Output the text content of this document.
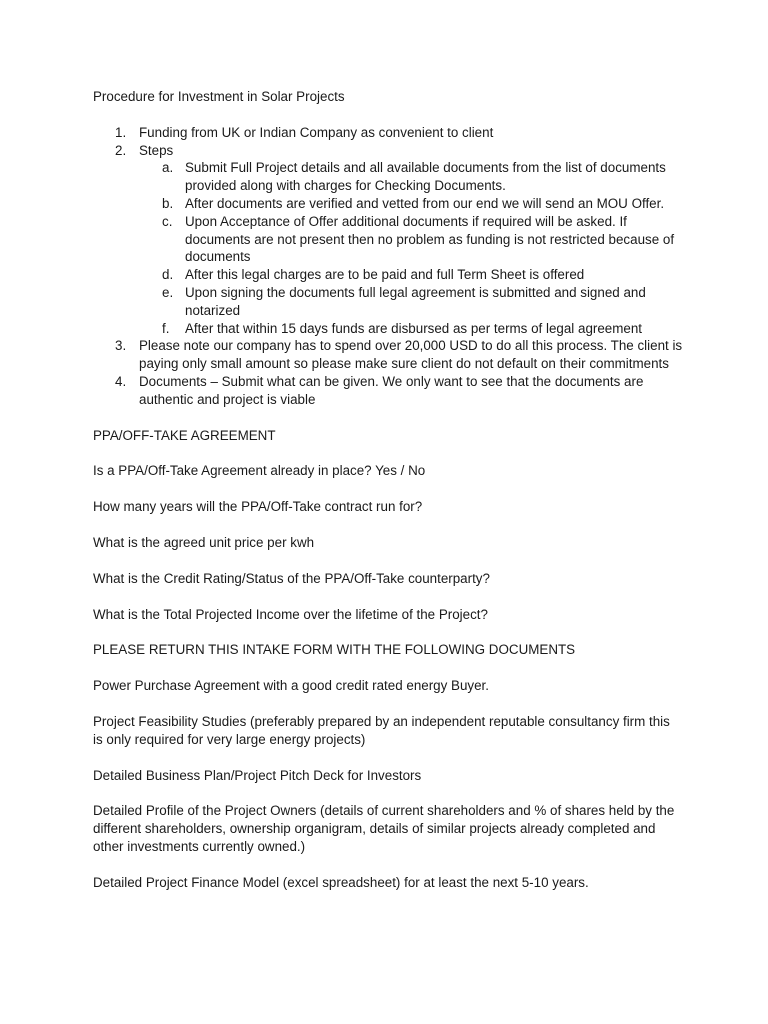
Procedure for Investment in Solar Projects

1. Funding from UK or Indian Company as convenient to client
2. Steps
a. Submit Full Project details and all available documents from the list of documents provided along with charges for Checking Documents.
b. After documents are verified and vetted from our end we will send an MOU Offer.
c. Upon Acceptance of Offer additional documents if required will be asked. If documents are not present then no problem as funding is not restricted because of documents
d. After this legal charges are to be paid and full Term Sheet is offered
e. Upon signing the documents full legal agreement is submitted and signed and notarized
f. After that within 15 days funds are disbursed as per terms of legal agreement
3. Please note our company has to spend over 20,000 USD to do all this process. The client is paying only small amount so please make sure client do not default on their commitments
4. Documents – Submit what can be given. We only want to see that the documents are authentic and project is viable

PPA/OFF-TAKE AGREEMENT

Is a PPA/Off-Take Agreement already in place? Yes / No

How many years will the PPA/Off-Take contract run for?

What is the agreed unit price per kwh

What is the Credit Rating/Status of the PPA/Off-Take counterparty?

What is the Total Projected Income over the lifetime of the Project?

PLEASE RETURN THIS INTAKE FORM WITH THE FOLLOWING DOCUMENTS

Power Purchase Agreement with a good credit rated energy Buyer.

Project Feasibility Studies (preferably prepared by an independent reputable consultancy firm this is only required for very large energy projects)

Detailed Business Plan/Project Pitch Deck for Investors

Detailed Profile of the Project Owners (details of current shareholders and % of shares held by the different shareholders, ownership organigram, details of similar projects already completed and other investments currently owned.)

Detailed Project Finance Model (excel spreadsheet) for at least the next 5-10 years.
